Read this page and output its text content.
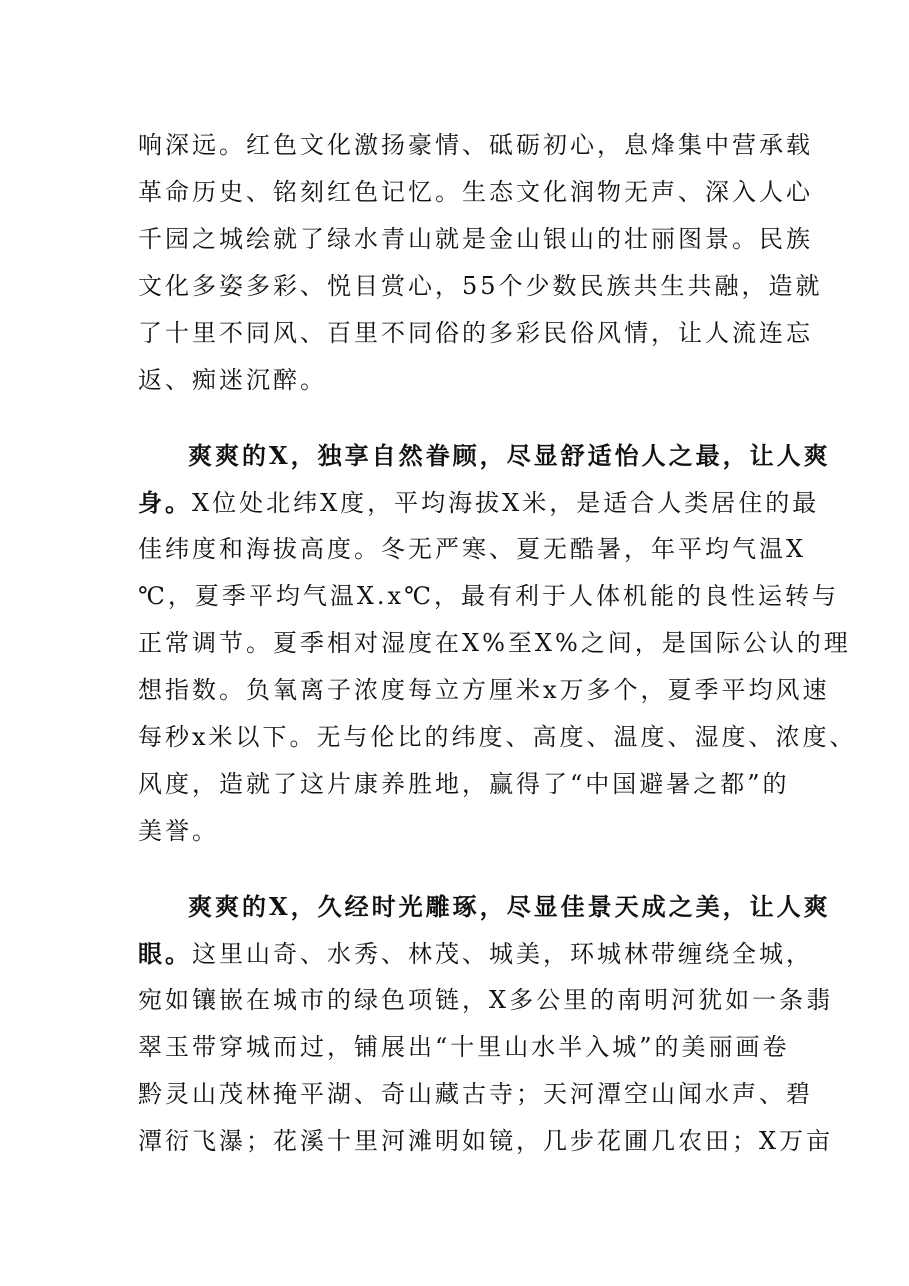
响深远。红色文化激扬豪情、砥砺初心，息烽集中营承载
革命历史、铭刻红色记忆。生态文化润物无声、深入人心
千园之城绘就了绿水青山就是金山银山的壮丽图景。民族
文化多姿多彩、悦目赏心，55个少数民族共生共融，造就
了十里不同风、百里不同俗的多彩民俗风情，让人流连忘
返、痴迷沉醉。
爽爽的X，独享自然眷顾，尽显舒适怡人之最，让人爽
身。X位处北纬X度，平均海拔X米，是适合人类居住的最
佳纬度和海拔高度。冬无严寒、夏无酷暑，年平均气温X
℃，夏季平均气温X.x℃，最有利于人体机能的良性运转与
正常调节。夏季相对湿度在X%至X%之间，是国际公认的理
想指数。负氧离子浓度每立方厘米x万多个，夏季平均风速
每秒x米以下。无与伦比的纬度、高度、温度、湿度、浓度、
风度，造就了这片康养胜地，赢得了“中国避暑之都”的
美誉。
爽爽的X，久经时光雕琢，尽显佳景天成之美，让人爽
眼。这里山奇、水秀、林茂、城美，环城林带缠绕全城，
宛如镶嵌在城市的绿色项链，X多公里的南明河犹如一条翡
翠玉带穿城而过，铺展出“十里山水半入城”的美丽画卷
黔灵山茂林掩平湖、奇山藏古寺；天河潭空山闻水声、碧
潭衍飞瀑；花溪十里河滩明如镜，几步花圃几农田；X万亩
